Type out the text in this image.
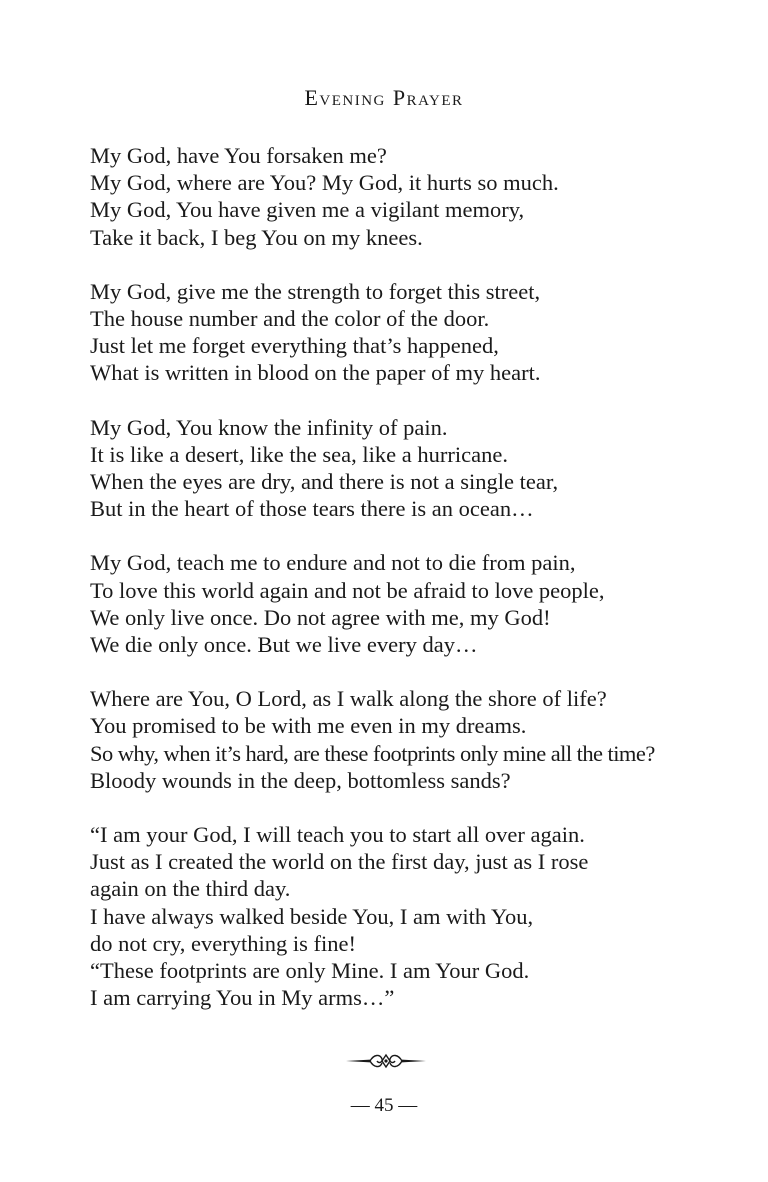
Evening Prayer
My God, have You forsaken me?
My God, where are You? My God, it hurts so much.
My God, You have given me a vigilant memory,
Take it back, I beg You on my knees.
My God, give me the strength to forget this street,
The house number and the color of the door.
Just let me forget everything that’s happened,
What is written in blood on the paper of my heart.
My God, You know the infinity of pain.
It is like a desert, like the sea, like a hurricane.
When the eyes are dry, and there is not a single tear,
But in the heart of those tears there is an ocean…
My God, teach me to endure and not to die from pain,
To love this world again and not be afraid to love people,
We only live once. Do not agree with me, my God!
We die only once. But we live every day…
Where are You, O Lord, as I walk along the shore of life?
You promised to be with me even in my dreams.
So why, when it’s hard, are these footprints only mine all the time?
Bloody wounds in the deep, bottomless sands?
“I am your God, I will teach you to start all over again.
Just as I created the world on the first day, just as I rose
again on the third day.
I have always walked beside You, I am with You,
do not cry, everything is fine!
“These footprints are only Mine. I am Your God.
I am carrying You in My arms…”
— 45 —
